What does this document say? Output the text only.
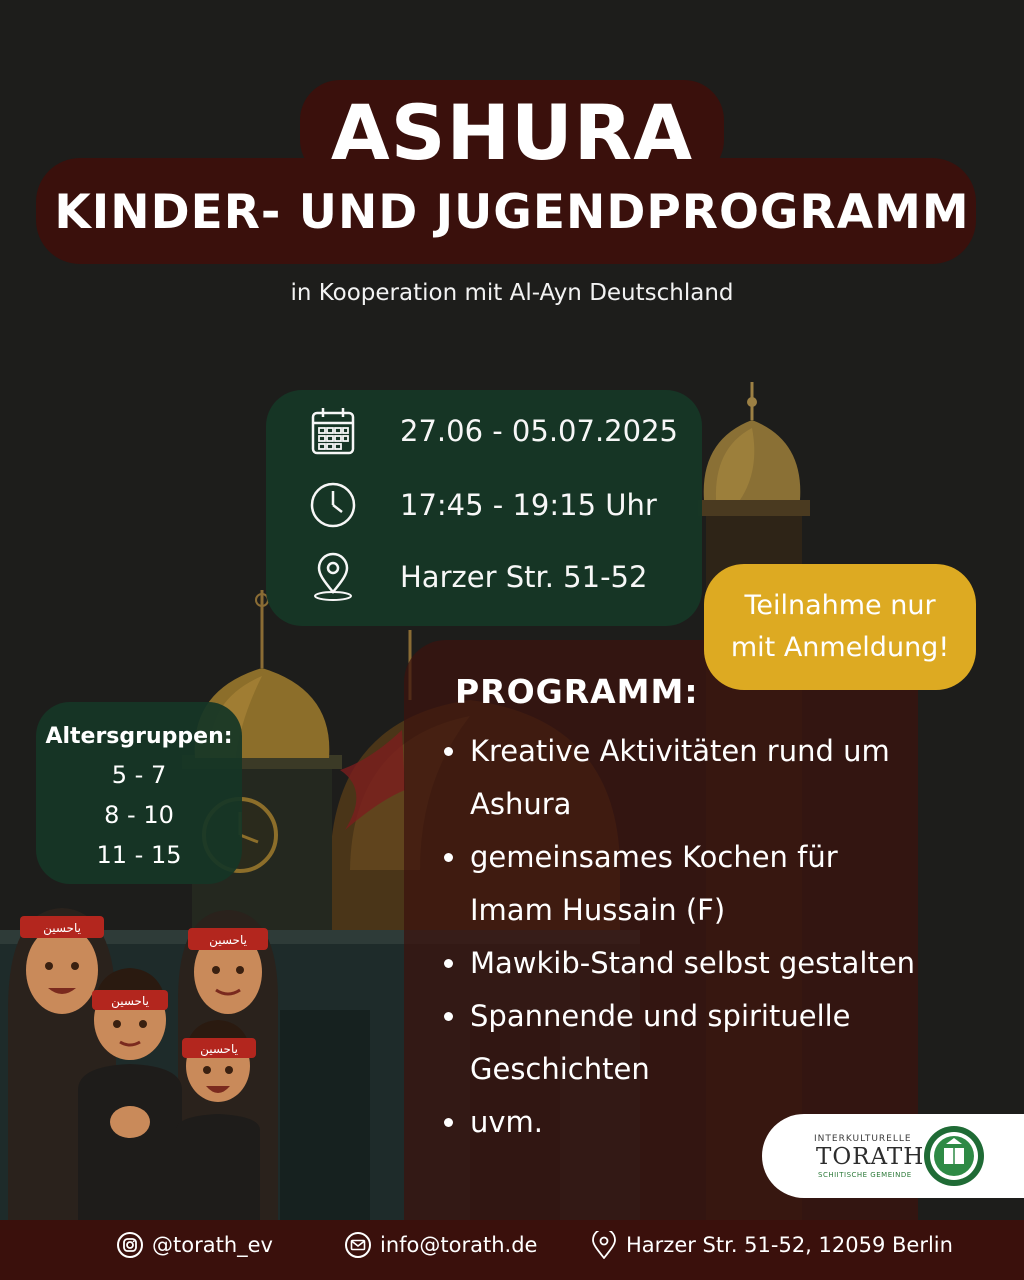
ASHURA
KINDER- UND JUGENDPROGRAMM
in Kooperation mit Al-Ayn Deutschland
27.06 - 05.07.2025
17:45 - 19:15 Uhr
Harzer Str. 51-52
PROGRAMM:
Kreative Aktivitäten rund um Ashura
gemeinsames Kochen für Imam Hussain (F)
Mawkib-Stand selbst gestalten
Spannende und spirituelle Geschichten
uvm.
Teilnahme nur
mit Anmeldung!
Altersgruppen:
5 - 7
8 - 10
11 - 15
ياحسين
ياحسين
ياحسين
ياحسين
INTERKULTURELLE
TORATH
SCHIITISCHE GEMEINDE
@torath_ev	info@torath.de	Harzer Str. 51-52, 12059 Berlin
